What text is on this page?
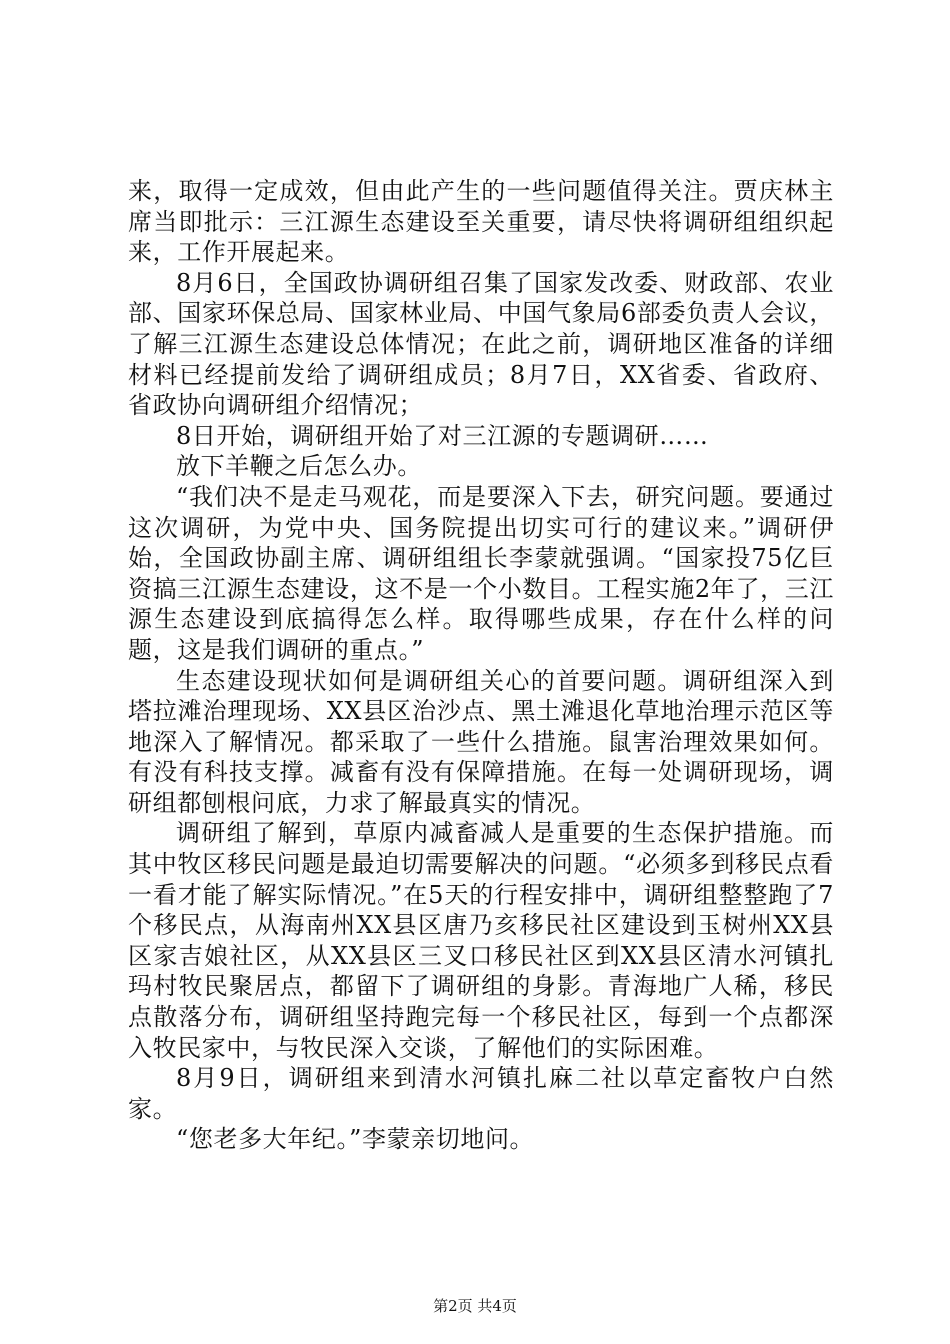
来，取得一定成效，但由此产生的一些问题值得关注。贾庆林主席当即批示：三江源生态建设至关重要，请尽快将调研组组织起来，工作开展起来。

8月6日，全国政协调研组召集了国家发改委、财政部、农业部、国家环保总局、国家林业局、中国气象局6部委负责人会议，了解三江源生态建设总体情况；在此之前，调研地区准备的详细材料已经提前发给了调研组成员；8月7日，XX省委、省政府、省政协向调研组介绍情况；

8日开始，调研组开始了对三江源的专题调研……

放下羊鞭之后怎么办。

“我们决不是走马观花，而是要深入下去，研究问题。要通过这次调研，为党中央、国务院提出切实可行的建议来。”调研伊始，全国政协副主席、调研组组长李蒙就强调。“国家投75亿巨资搞三江源生态建设，这不是一个小数目。工程实施2年了，三江源生态建设到底搞得怎么样。取得哪些成果，存在什么样的问题，这是我们调研的重点。”

生态建设现状如何是调研组关心的首要问题。调研组深入到塔拉滩治理现场、XX县区治沙点、黑土滩退化草地治理示范区等地深入了解情况。都采取了一些什么措施。鼠害治理效果如何。有没有科技支撑。减畜有没有保障措施。在每一处调研现场，调研组都刨根问底，力求了解最真实的情况。

调研组了解到，草原内减畜减人是重要的生态保护措施。而其中牧区移民问题是最迫切需要解决的问题。“必须多到移民点看一看才能了解实际情况。”在5天的行程安排中，调研组整整跑了7个移民点，从海南州XX县区唐乃亥移民社区建设到玉树州XX县区家吉娘社区，从XX县区三叉口移民社区到XX县区清水河镇扎玛村牧民聚居点，都留下了调研组的身影。青海地广人稀，移民点散落分布，调研组坚持跑完每一个移民社区，每到一个点都深入牧民家中，与牧民深入交谈，了解他们的实际困难。

8月9日，调研组来到清水河镇扎麻二社以草定畜牧户白然家。

“您老多大年纪。”李蒙亲切地问。

第2页 共4页
